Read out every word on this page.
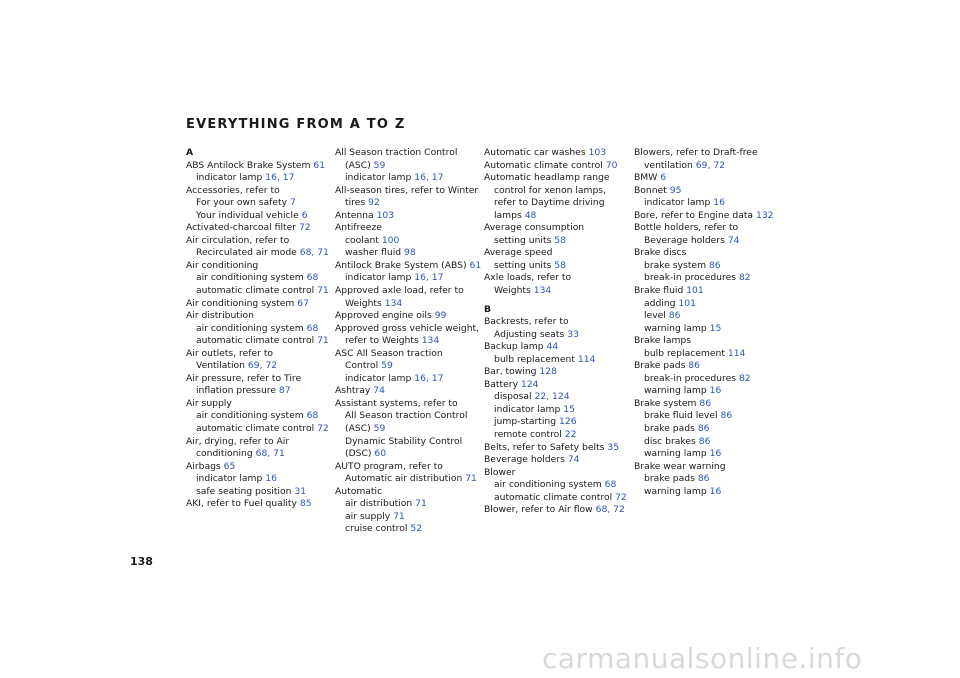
EVERYTHING FROM A TO Z
A
ABS Antilock Brake System 61
indicator lamp 16, 17
Accessories, refer to
For your own safety 7
Your individual vehicle 6
Activated-charcoal filter 72
Air circulation, refer to
Recirculated air mode 68, 71
Air conditioning
air conditioning system 68
automatic climate control 71
Air conditioning system 67
Air distribution
air conditioning system 68
automatic climate control 71
Air outlets, refer to
Ventilation 69, 72
Air pressure, refer to Tire
inflation pressure 87
Air supply
air conditioning system 68
automatic climate control 72
Air, drying, refer to Air
conditioning 68, 71
Airbags 65
indicator lamp 16
safe seating position 31
AKI, refer to Fuel quality 85
All Season traction Control
(ASC) 59
indicator lamp 16, 17
All-season tires, refer to Winter
tires 92
Antenna 103
Antifreeze
coolant 100
washer fluid 98
Antilock Brake System (ABS) 61
indicator lamp 16, 17
Approved axle load, refer to
Weights 134
Approved engine oils 99
Approved gross vehicle weight,
refer to Weights 134
ASC All Season traction
Control 59
indicator lamp 16, 17
Ashtray 74
Assistant systems, refer to
All Season traction Control
(ASC) 59
Dynamic Stability Control
(DSC) 60
AUTO program, refer to
Automatic air distribution 71
Automatic
air distribution 71
air supply 71
cruise control 52
Automatic car washes 103
Automatic climate control 70
Automatic headlamp range
control for xenon lamps,
refer to Daytime driving
lamps 48
Average consumption
setting units 58
Average speed
setting units 58
Axle loads, refer to
Weights 134
B
Backrests, refer to
Adjusting seats 33
Backup lamp 44
bulb replacement 114
Bar, towing 128
Battery 124
disposal 22, 124
indicator lamp 15
jump-starting 126
remote control 22
Belts, refer to Safety belts 35
Beverage holders 74
Blower
air conditioning system 68
automatic climate control 72
Blower, refer to Air flow 68, 72
Blowers, refer to Draft-free
ventilation 69, 72
BMW 6
Bonnet 95
indicator lamp 16
Bore, refer to Engine data 132
Bottle holders, refer to
Beverage holders 74
Brake discs
brake system 86
break-in procedures 82
Brake fluid 101
adding 101
level 86
warning lamp 15
Brake lamps
bulb replacement 114
Brake pads 86
break-in procedures 82
warning lamp 16
Brake system 86
brake fluid level 86
brake pads 86
disc brakes 86
warning lamp 16
Brake wear warning
brake pads 86
warning lamp 16
138
carmanualsonline.info
